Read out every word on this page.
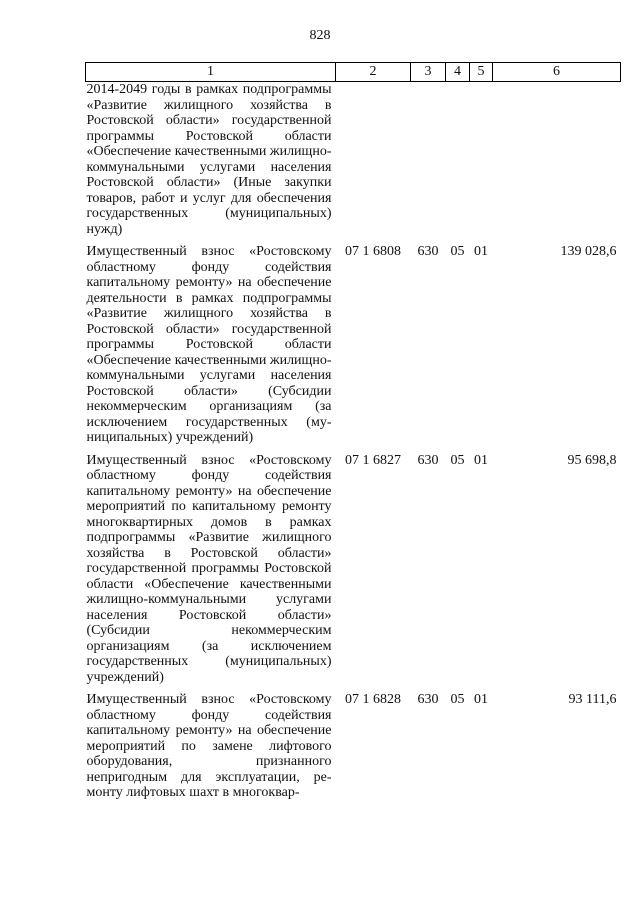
828
1	2	3	4	5	6
2014-2049 годы в рамках подпрограммы «Развитие жилищного хозяйства в Ростовской области» государственной программы Ростовской области «Обеспечение качественными жилищно-коммунальными услугами населения Ростовской области» (Иные закупки товаров, работ и услуг для обеспечения государственных (муниципальных) нужд)					
Имущественный взнос «Ростовскому областному фонду содействия капитальному ремонту» на обеспечение деятельности в рамках подпрограммы «Развитие жилищного хозяйства в Ростовской области» государственной программы Ростовской области «Обеспечение качественными жилищно-коммунальными услугами населения Ростовской области» (Субсидии некоммерческим организациям (за исключением государственных (муниципальных) учреждений)	07 1 6808	630	05	01	139 028,6
Имущественный взнос «Ростовскому областному фонду содействия капитальному ремонту» на обеспечение мероприятий по капитальному ремонту многоквартирных домов в рамках подпрограммы «Развитие жилищного хозяйства в Ростовской области» государственной программы Ростовской области «Обеспечение качественными жилищно-коммунальными услугами населения Ростовской области» (Субсидии некоммерческим организациям (за исключением государственных (муниципальных) учреждений)	07 1 6827	630	05	01	95 698,8
Имущественный взнос «Ростовскому областному фонду содействия капитальному ремонту» на обеспечение мероприятий по замене лифтового оборудования, признанного непригодным для эксплуатации, ремонту лифтовых шахт в многоквар-	07 1 6828	630	05	01	93 111,6
